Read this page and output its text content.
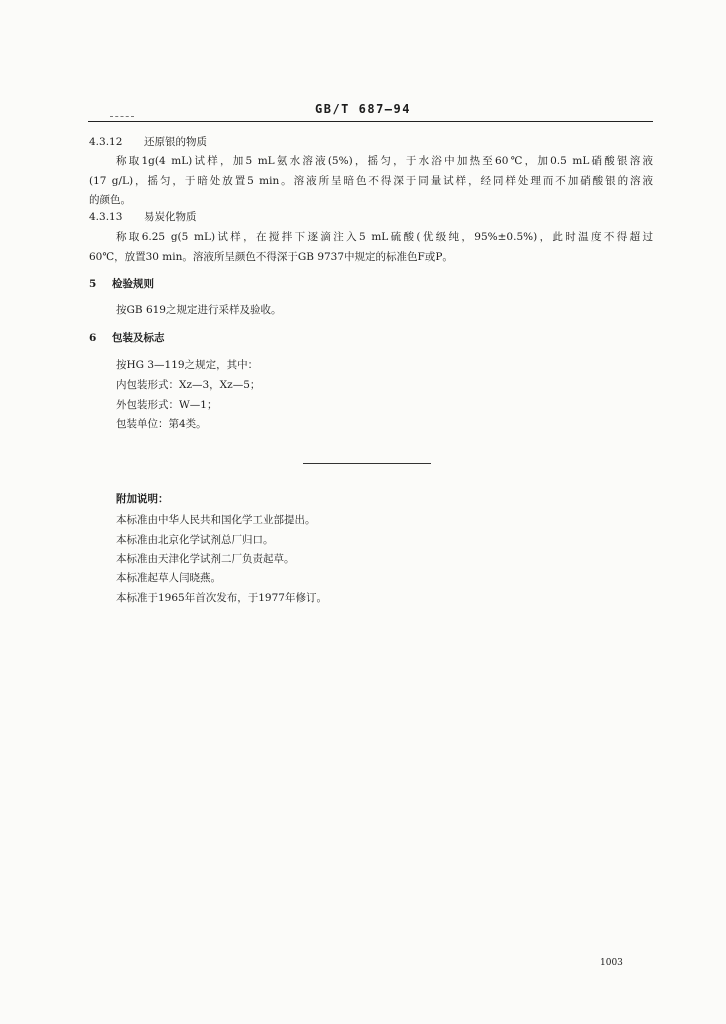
GB/T 687—94
4.3.12 还原银的物质
称取1g(4 mL)试样，加5 mL氨水溶液(5%)，摇匀，于水浴中加热至60℃，加0.5 mL硝酸银溶液
(17 g/L)，摇匀，于暗处放置5 min。溶液所呈暗色不得深于同量试样，经同样处理而不加硝酸银的溶液
的颜色。
4.3.13 易炭化物质
称取6.25 g(5 mL)试样，在搅拌下逐滴注入5 mL硫酸(优级纯，95%±0.5%)，此时温度不得超过
60℃，放置30 min。溶液所呈颜色不得深于GB 9737中规定的标准色F或P。
5 检验规则
按GB 619之规定进行采样及验收。
6 包装及标志
按HG 3—119之规定，其中：
内包装形式：Xz—3，Xz—5；
外包装形式：W—1；
包装单位：第4类。
附加说明：
本标准由中华人民共和国化学工业部提出。
本标准由北京化学试剂总厂归口。
本标准由天津化学试剂二厂负责起草。
本标准起草人闫晓燕。
本标准于1965年首次发布，于1977年修订。
1003
